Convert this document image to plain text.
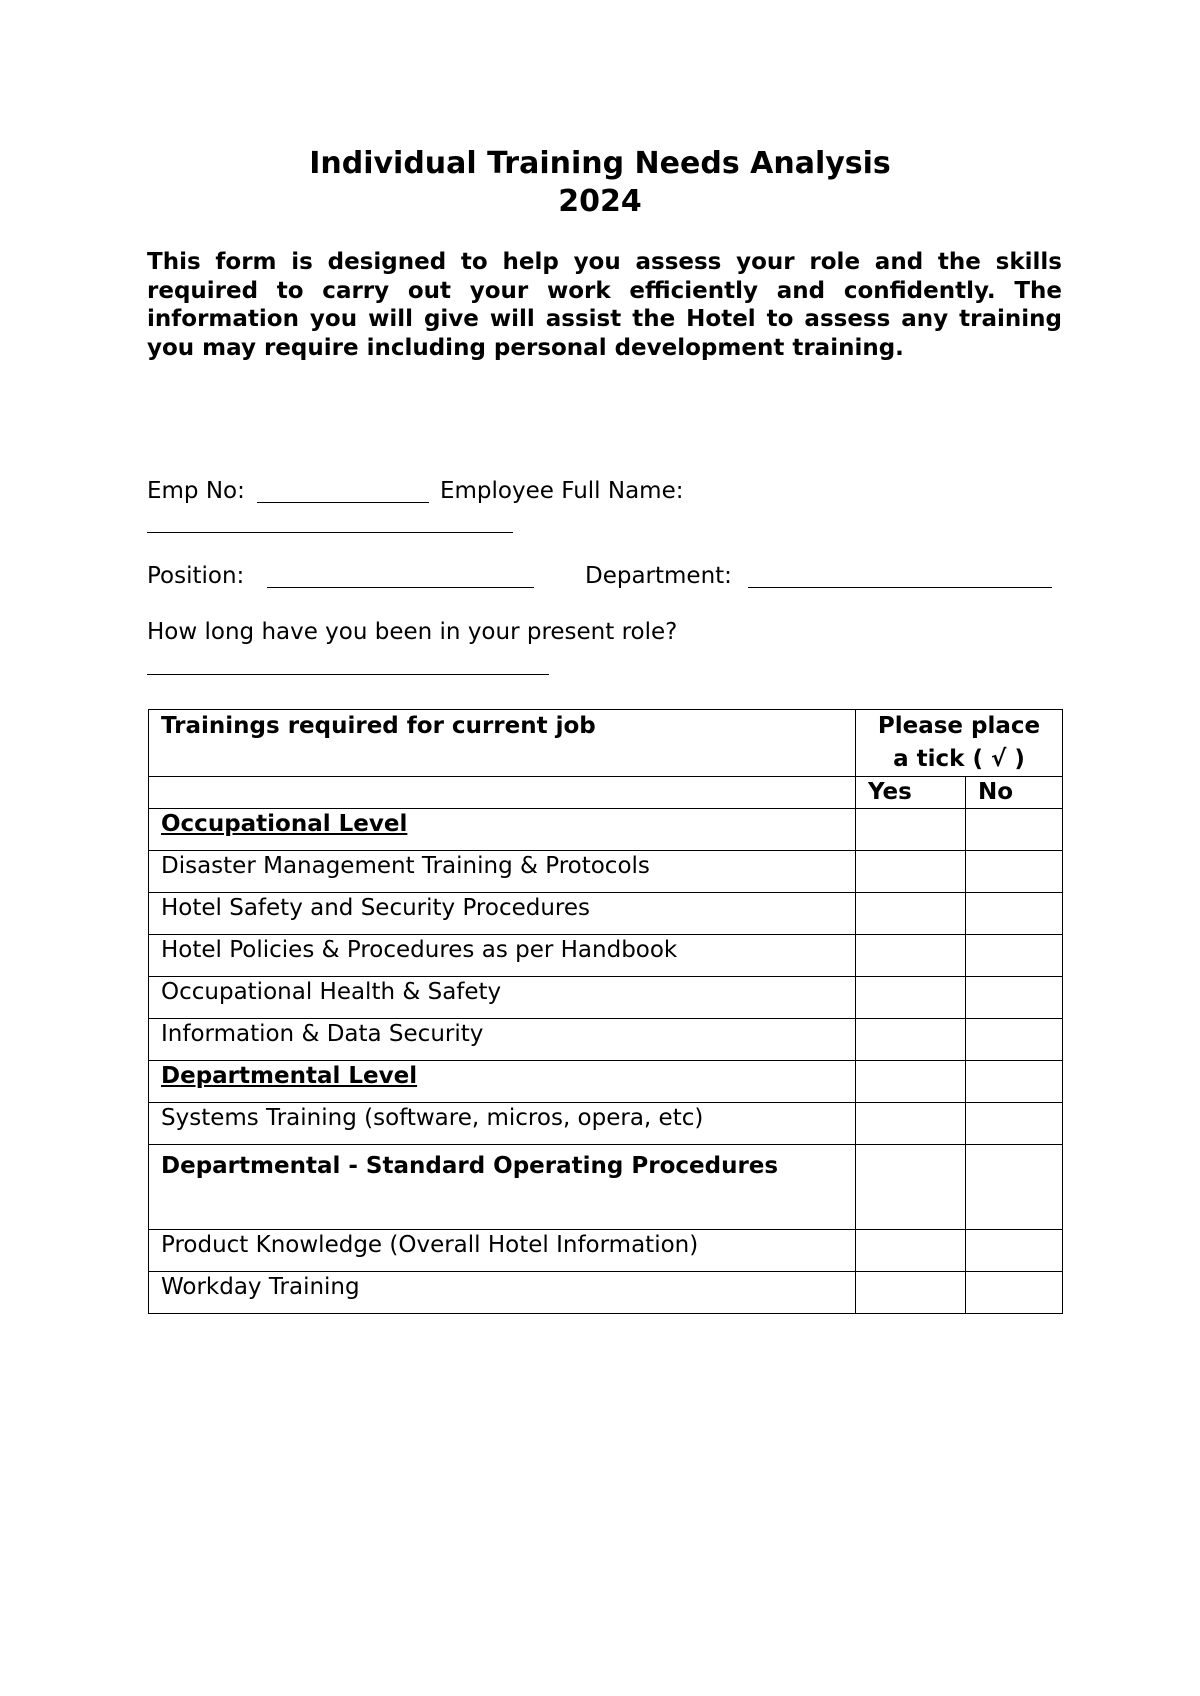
Individual Training Needs Analysis
2024
This form is designed to help you assess your role and the skills required to carry out your work efficiently and confidently. The information you will give will assist the Hotel to assess any training you may require including personal development training.
Emp No:	Employee Full Name:
Position:	Department:
How long have you been in your present role?
Trainings required for current job	Please place a tick ( √ )	
	Yes	No
Occupational Level		
Disaster Management Training & Protocols		
Hotel Safety and Security Procedures		
Hotel Policies & Procedures as per Handbook		
Occupational Health & Safety		
Information & Data Security		
Departmental Level		
Systems Training (software, micros, opera, etc)		
Departmental - Standard Operating Procedures		
Product Knowledge (Overall Hotel Information)		
Workday Training		
